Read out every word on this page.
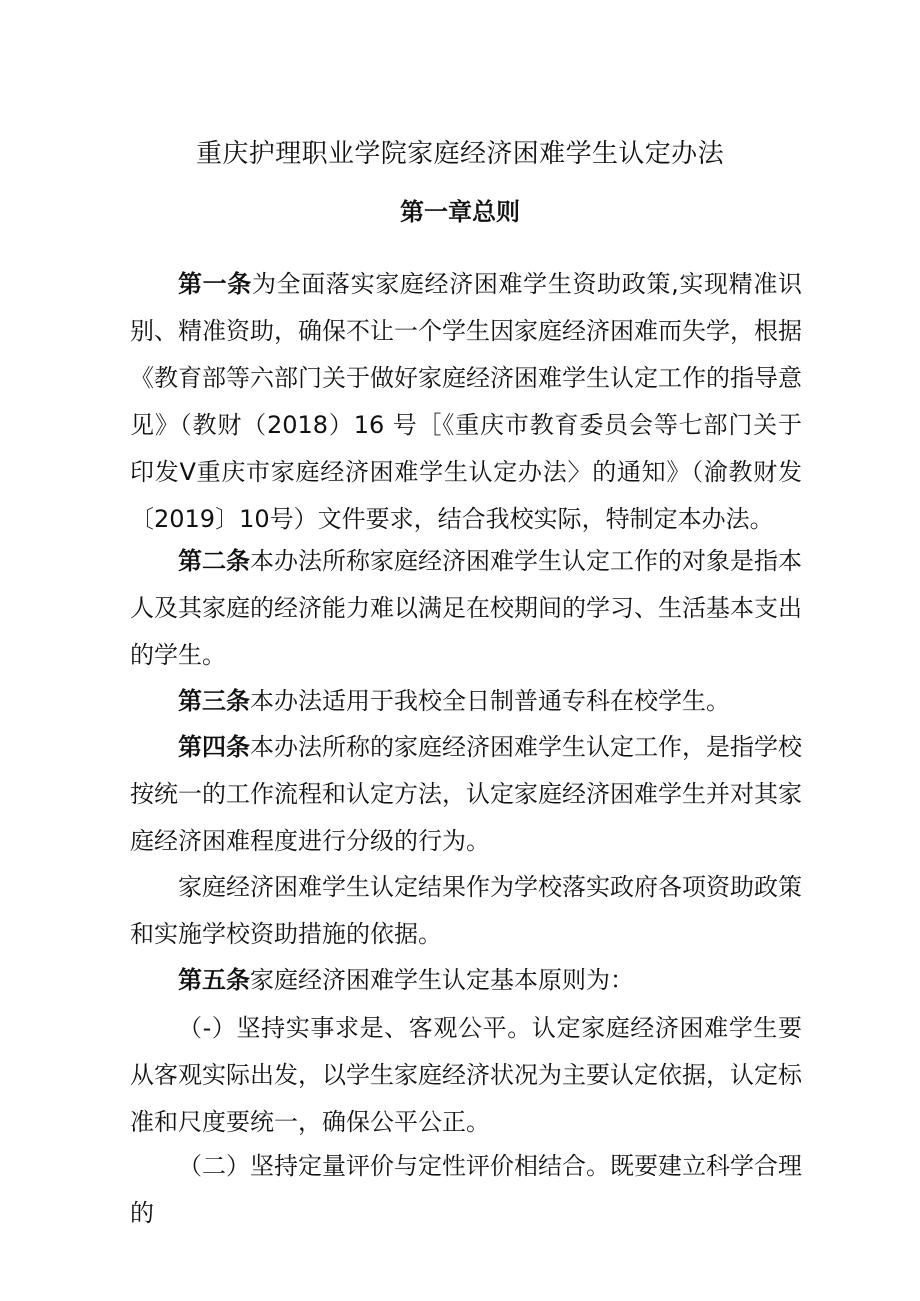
重庆护理职业学院家庭经济困难学生认定办法
第一章总则

第一条为全面落实家庭经济困难学生资助政策,实现精准识别、精准资助，确保不让一个学生因家庭经济困难而失学，根据《教育部等六部门关于做好家庭经济困难学生认定工作的指导意见》（教财（2018）16 号［《重庆市教育委员会等七部门关于印发Ⅴ重庆市家庭经济困难学生认定办法〉的通知》（渝教财发〔2019〕10号）文件要求，结合我校实际，特制定本办法。

第二条本办法所称家庭经济困难学生认定工作的对象是指本人及其家庭的经济能力难以满足在校期间的学习、生活基本支出的学生。

第三条本办法适用于我校全日制普通专科在校学生。

第四条本办法所称的家庭经济困难学生认定工作，是指学校按统一的工作流程和认定方法，认定家庭经济困难学生并对其家庭经济困难程度进行分级的行为。

家庭经济困难学生认定结果作为学校落实政府各项资助政策和实施学校资助措施的依据。

第五条家庭经济困难学生认定基本原则为：

（-）坚持实事求是、客观公平。认定家庭经济困难学生要从客观实际出发，以学生家庭经济状况为主要认定依据，认定标准和尺度要统一，确保公平公正。

（二）坚持定量评价与定性评价相结合。既要建立科学合理的
